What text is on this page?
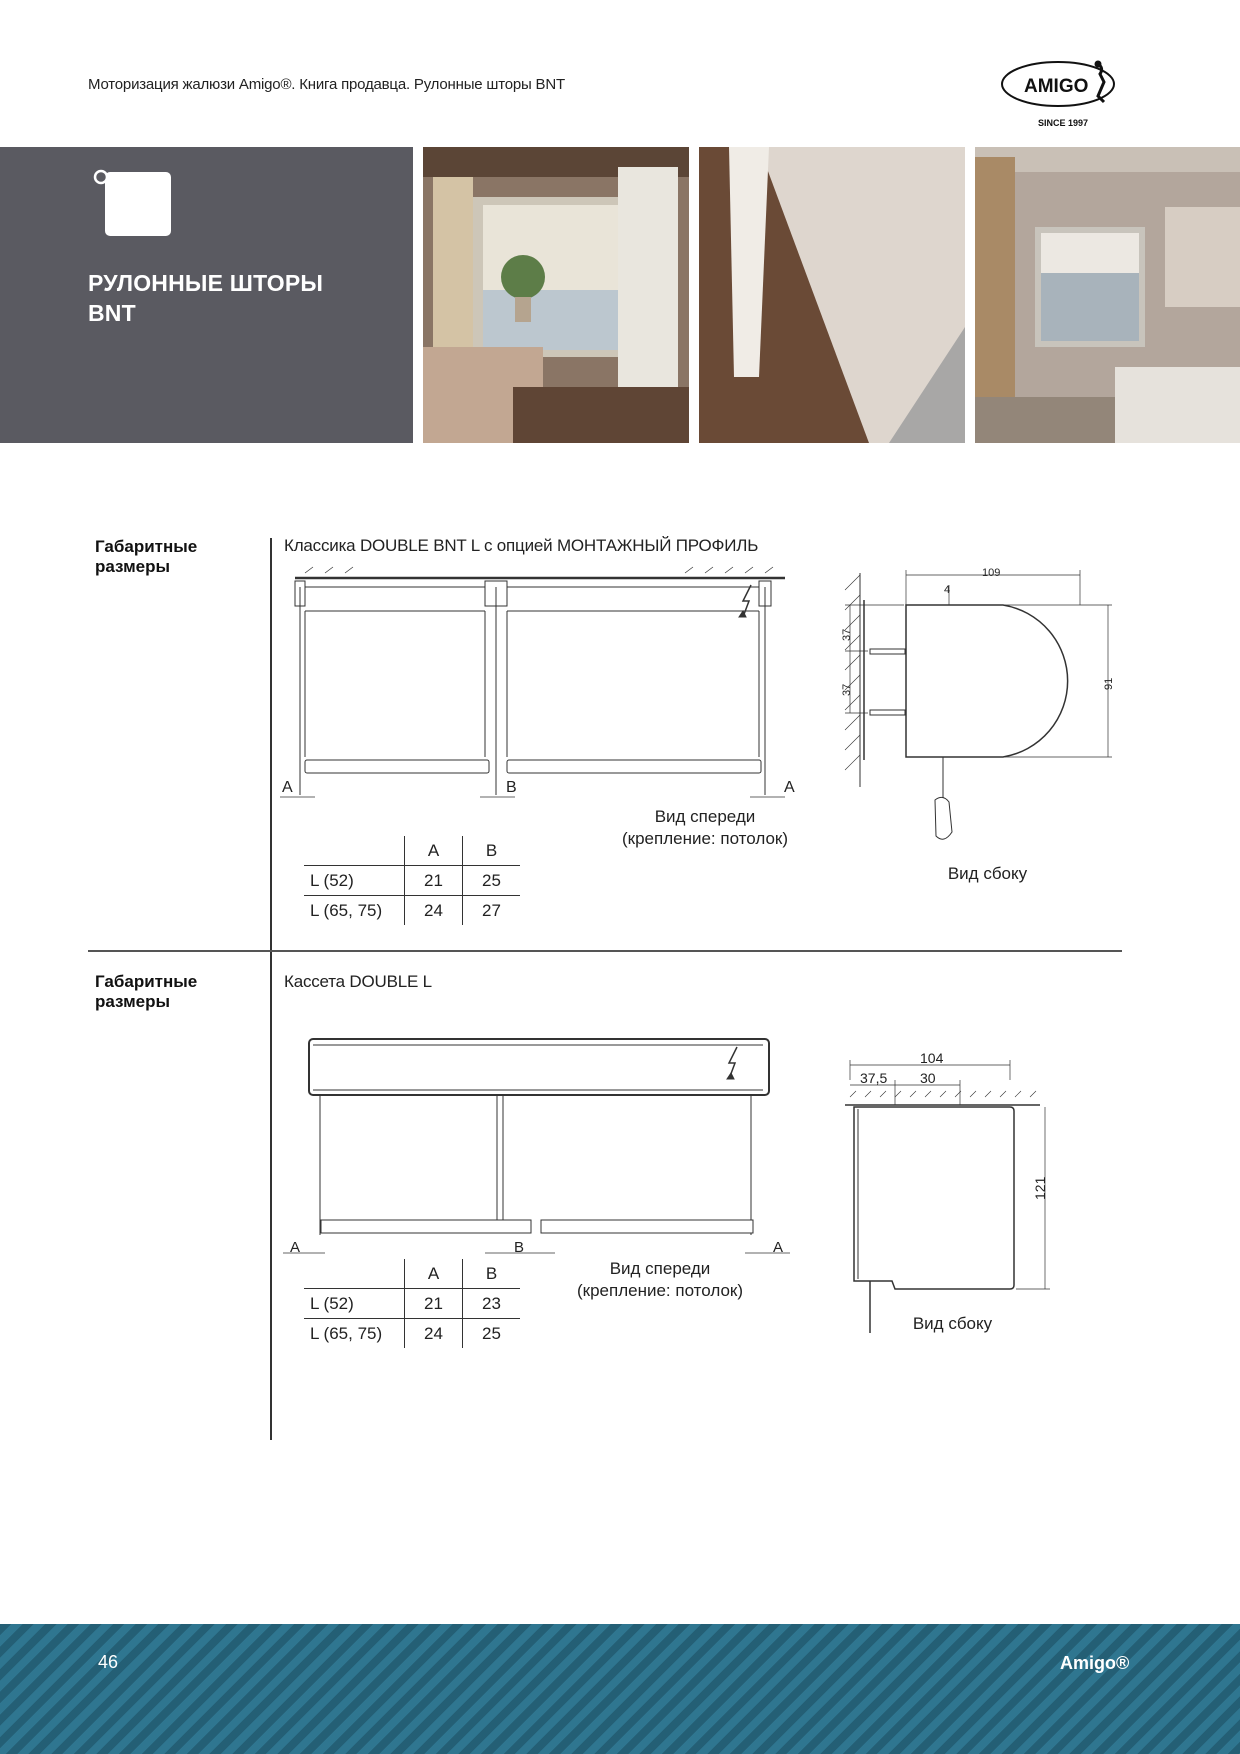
Моторизация жалюзи Amigo®. Книга продавца. Рулонные шторы BNT	AMIGO
SINCE 1997
РУЛОННЫЕ ШТОРЫ
BNT
Габаритные
размеры
Классика DOUBLE BNT L с опцией МОНТАЖНЫЙ ПРОФИЛЬ
A	B	A
Вид спереди
(крепление: потолок)
109
4
37
37	91
Вид сбоку
	A	B
L (52)	21	25
L (65, 75)	24	27
Габаритные
размеры
Кассета DOUBLE L
A	B	A
Вид спереди
(крепление: потолок)
104
37,5 30
121
Вид сбоку
	A	B
L (52)	21	23
L (65, 75)	24	25
46	Amigo®
